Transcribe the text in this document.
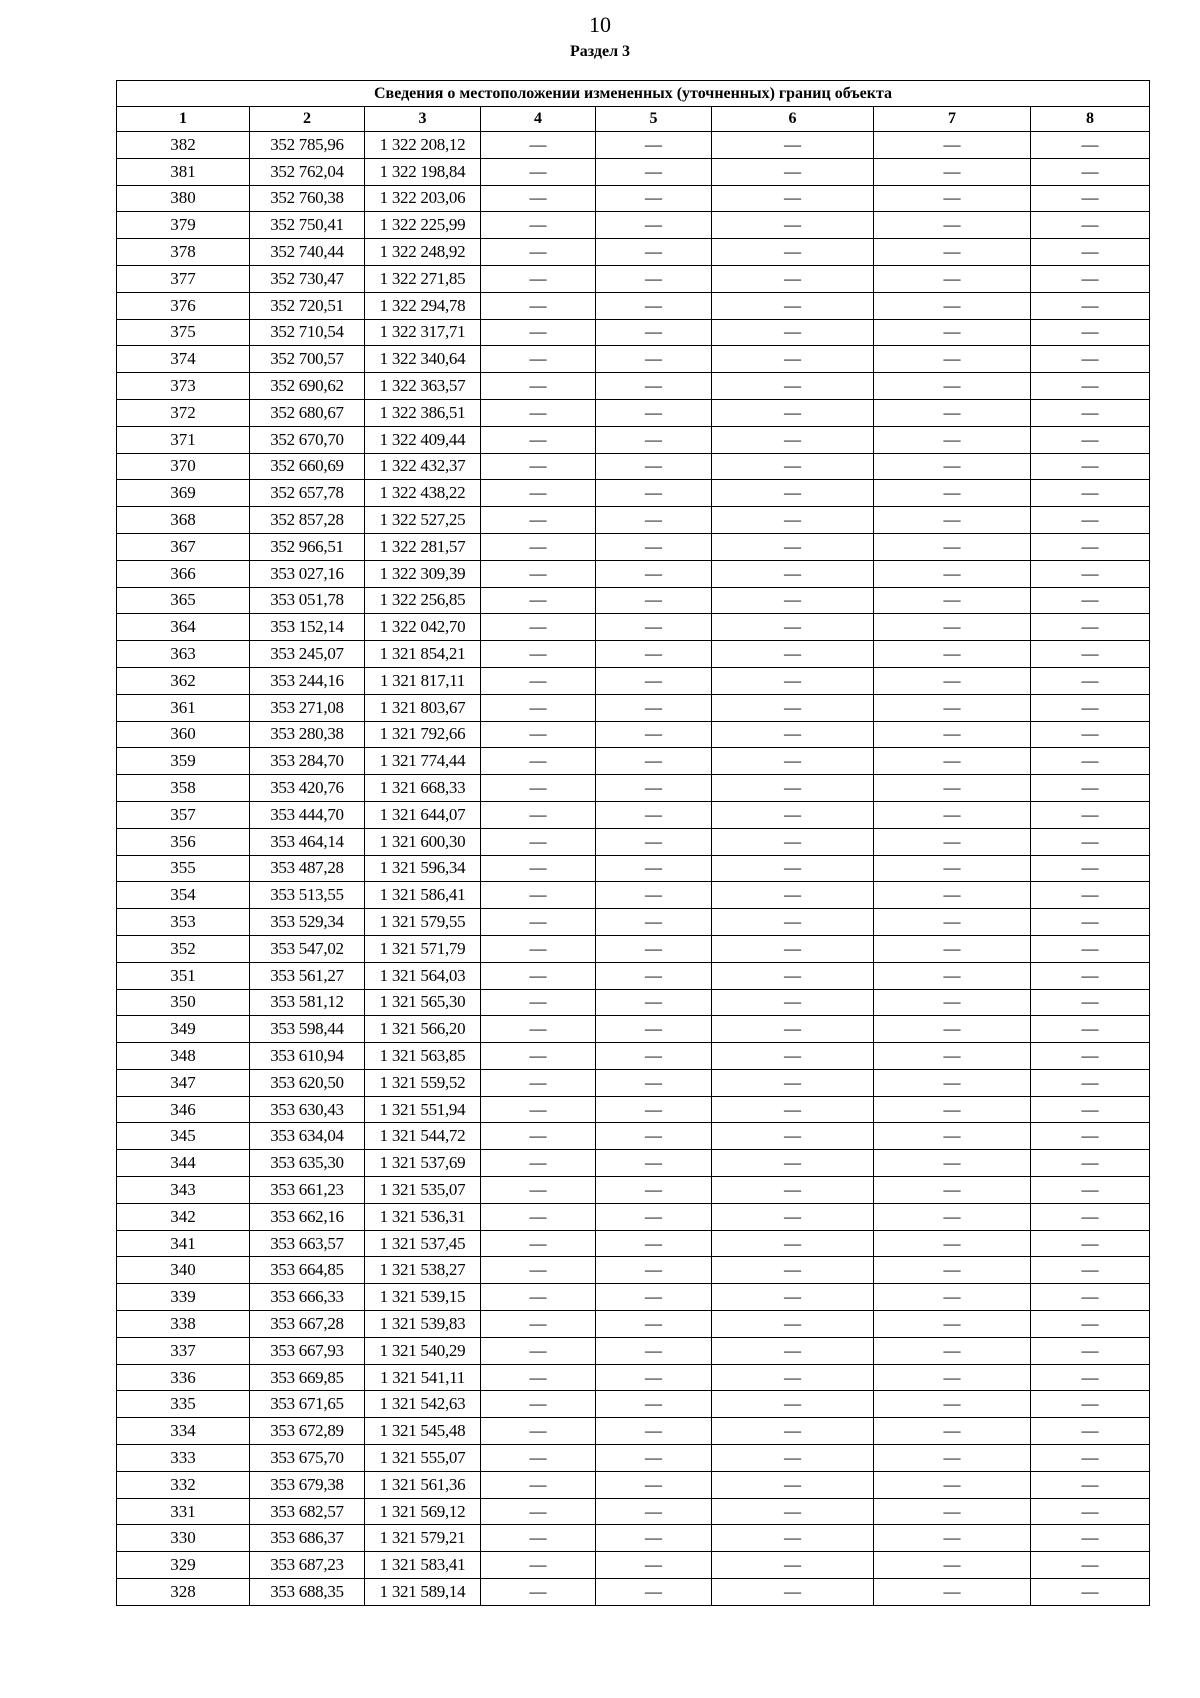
10
Раздел 3
Сведения о местоположении измененных (уточненных) границ объекта							
1	2	3	4	5	6	7	8
382	352 785,96	1 322 208,12	—	—	—	—	—
381	352 762,04	1 322 198,84	—	—	—	—	—
380	352 760,38	1 322 203,06	—	—	—	—	—
379	352 750,41	1 322 225,99	—	—	—	—	—
378	352 740,44	1 322 248,92	—	—	—	—	—
377	352 730,47	1 322 271,85	—	—	—	—	—
376	352 720,51	1 322 294,78	—	—	—	—	—
375	352 710,54	1 322 317,71	—	—	—	—	—
374	352 700,57	1 322 340,64	—	—	—	—	—
373	352 690,62	1 322 363,57	—	—	—	—	—
372	352 680,67	1 322 386,51	—	—	—	—	—
371	352 670,70	1 322 409,44	—	—	—	—	—
370	352 660,69	1 322 432,37	—	—	—	—	—
369	352 657,78	1 322 438,22	—	—	—	—	—
368	352 857,28	1 322 527,25	—	—	—	—	—
367	352 966,51	1 322 281,57	—	—	—	—	—
366	353 027,16	1 322 309,39	—	—	—	—	—
365	353 051,78	1 322 256,85	—	—	—	—	—
364	353 152,14	1 322 042,70	—	—	—	—	—
363	353 245,07	1 321 854,21	—	—	—	—	—
362	353 244,16	1 321 817,11	—	—	—	—	—
361	353 271,08	1 321 803,67	—	—	—	—	—
360	353 280,38	1 321 792,66	—	—	—	—	—
359	353 284,70	1 321 774,44	—	—	—	—	—
358	353 420,76	1 321 668,33	—	—	—	—	—
357	353 444,70	1 321 644,07	—	—	—	—	—
356	353 464,14	1 321 600,30	—	—	—	—	—
355	353 487,28	1 321 596,34	—	—	—	—	—
354	353 513,55	1 321 586,41	—	—	—	—	—
353	353 529,34	1 321 579,55	—	—	—	—	—
352	353 547,02	1 321 571,79	—	—	—	—	—
351	353 561,27	1 321 564,03	—	—	—	—	—
350	353 581,12	1 321 565,30	—	—	—	—	—
349	353 598,44	1 321 566,20	—	—	—	—	—
348	353 610,94	1 321 563,85	—	—	—	—	—
347	353 620,50	1 321 559,52	—	—	—	—	—
346	353 630,43	1 321 551,94	—	—	—	—	—
345	353 634,04	1 321 544,72	—	—	—	—	—
344	353 635,30	1 321 537,69	—	—	—	—	—
343	353 661,23	1 321 535,07	—	—	—	—	—
342	353 662,16	1 321 536,31	—	—	—	—	—
341	353 663,57	1 321 537,45	—	—	—	—	—
340	353 664,85	1 321 538,27	—	—	—	—	—
339	353 666,33	1 321 539,15	—	—	—	—	—
338	353 667,28	1 321 539,83	—	—	—	—	—
337	353 667,93	1 321 540,29	—	—	—	—	—
336	353 669,85	1 321 541,11	—	—	—	—	—
335	353 671,65	1 321 542,63	—	—	—	—	—
334	353 672,89	1 321 545,48	—	—	—	—	—
333	353 675,70	1 321 555,07	—	—	—	—	—
332	353 679,38	1 321 561,36	—	—	—	—	—
331	353 682,57	1 321 569,12	—	—	—	—	—
330	353 686,37	1 321 579,21	—	—	—	—	—
329	353 687,23	1 321 583,41	—	—	—	—	—
328	353 688,35	1 321 589,14	—	—	—	—	—
